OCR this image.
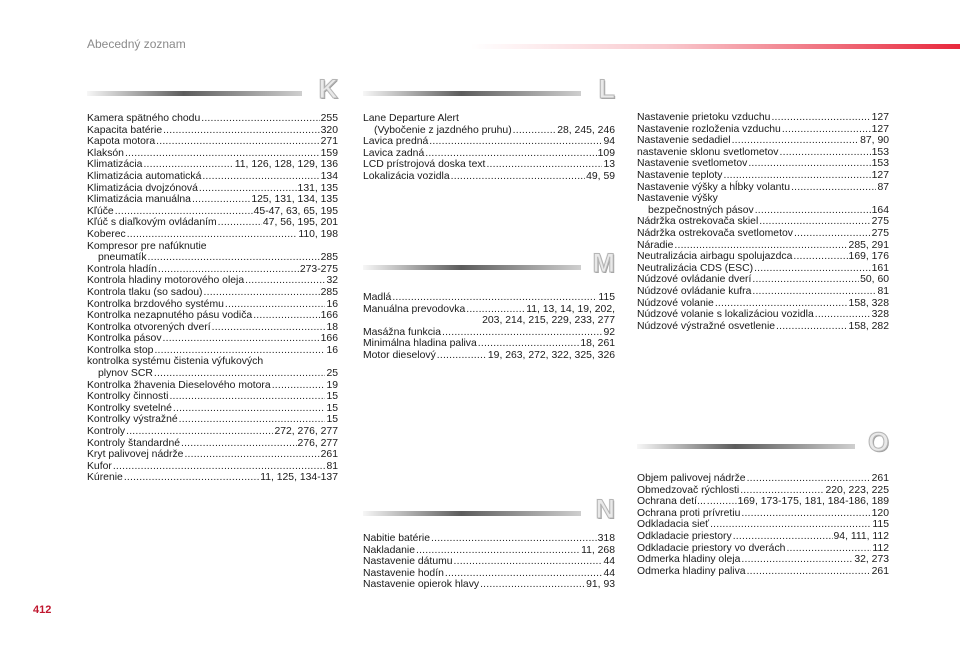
Abecedný zoznam
K
Kamera spätného chodu .....	255
Kapacita batérie .....	320
Kapota motora .....	271
Klaksón .....	159
Klimatizácia .....	11, 126, 128, 129, 136
Klimatizácia automatická .....	134
Klimatizácia dvojzónová .....	131, 135
Klimatizácia manuálna .....	125, 131, 134, 135
Kľúče .....	45-47, 63, 65, 195
Kľúč s diaľkovým ovládaním .....	47, 56, 195, 201
Koberec .....	110, 198
Kompresor pre nafúknutie
pneumatík .....	285
Kontrola hladín .....	273-275
Kontrola hladiny motorového oleja .....	32
Kontrola tlaku (so sadou) .....	285
Kontrolka brzdového systému .....	16
Kontrolka nezapnutého pásu vodiča .....	166
Kontrolka otvorených dverí .....	18
Kontrolka pásov .....	166
Kontrolka stop .....	16
kontrolka systému čistenia výfukových
plynov SCR .....	25
Kontrolka žhavenia Dieselového motora .....	19
Kontrolky činnosti .....	15
Kontrolky svetelné .....	15
Kontrolky výstražné .....	15
Kontroly .....	272, 276, 277
Kontroly štandardné .....	276, 277
Kryt palivovej nádrže .....	261
Kufor .....	81
Kúrenie .....	11, 125, 134-137
L
Lane Departure Alert
(Vybočenie z jazdného pruhu) .....	28, 245, 246
Lavica predná .....	94
Lavica zadná .....	109
LCD prístrojová doska text .....	13
Lokalizácia vozidla .....	49, 59
M
Madlá .....	115
Manuálna prevodovka .....	11, 13, 14, 19, 202,
203, 214, 215, 229, 233, 277
Masážna funkcia .....	92
Minimálna hladina paliva .....	18, 261
Motor dieselový .....	19, 263, 272, 322, 325, 326
N
Nabitie batérie .....	318
Nakladanie .....	11, 268
Nastavenie dátumu .....	44
Nastavenie hodín .....	44
Nastavenie opierok hlavy .....	91, 93
Nastavenie prietoku vzduchu .....	127
Nastavenie rozloženia vzduchu .....	127
Nastavenie sedadiel .....	87, 90
nastavenie sklonu svetlometov .....	153
Nastavenie svetlometov .....	153
Nastavenie teploty .....	127
Nastavenie výšky a hĺbky volantu .....	87
Nastavenie výšky
bezpečnostných pásov .....	164
Nádržka ostrekovača skiel .....	275
Nádržka ostrekovača svetlometov .....	275
Náradie .....	285, 291
Neutralizácia airbagu spolujazdca .....	169, 176
Neutralizácia CDS (ESC) .....	161
Núdzové ovládanie dverí .....	50, 60
Núdzové ovládanie kufra .....	81
Núdzové volanie .....	158, 328
Núdzové volanie s lokalizáciou vozidla .....	328
Núdzové výstražné osvetlenie .....	158, 282
O
Objem palivovej nádrže .....	261
Obmedzovač rýchlosti .....	220, 223, 225
Ochrana detí ... .....	169, 173-175, 181, 184-186, 189
Ochrana proti prívretiu .....	120
Odkladacia sieť .....	115
Odkladacie priestory .....	94, 111, 112
Odkladacie priestory vo dverách .....	112
Odmerka hladiny oleja .....	32, 273
Odmerka hladiny paliva .....	261
412
